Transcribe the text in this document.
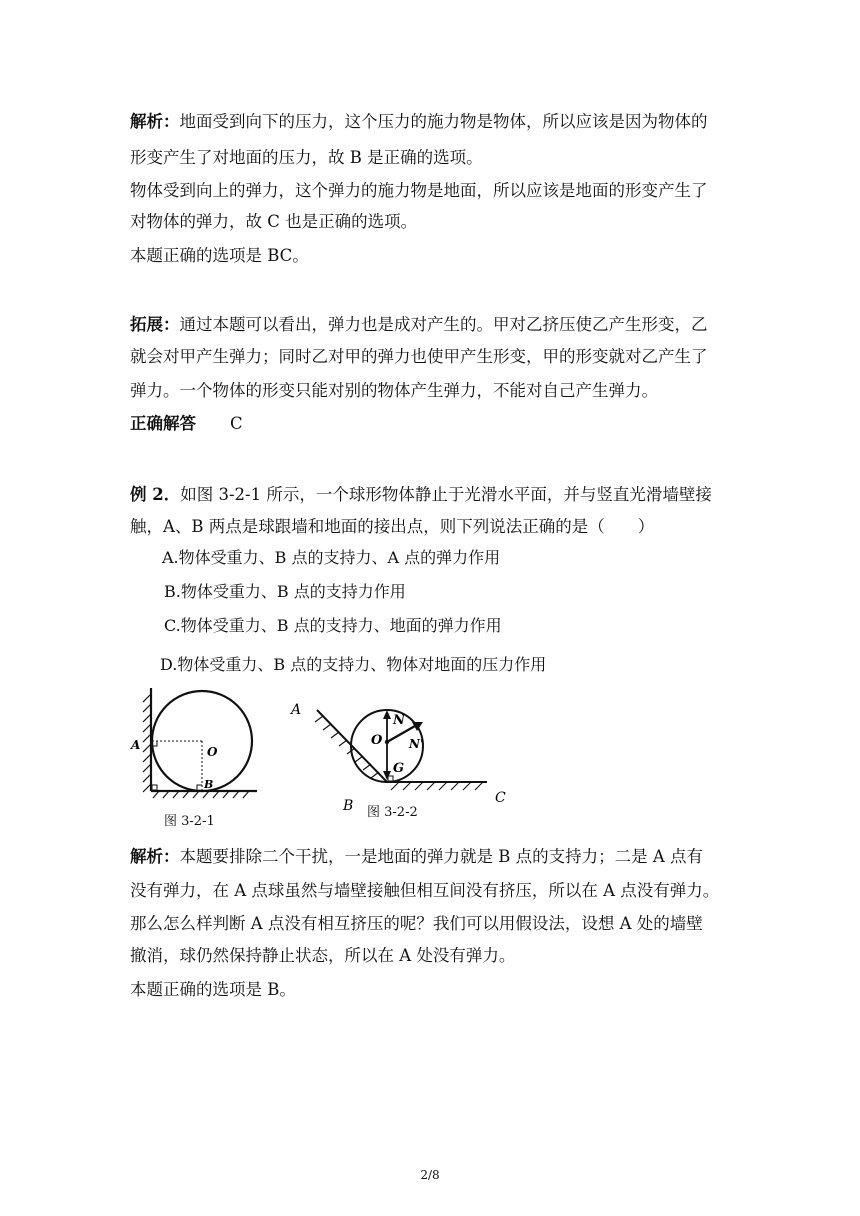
解析：地面受到向下的压力，这个压力的施力物是物体，所以应该是因为物体的
形变产生了对地面的压力，故 B 是正确的选项。
物体受到向上的弹力，这个弹力的施力物是地面，所以应该是地面的形变产生了
对物体的弹力，故 C 也是正确的选项。
本题正确的选项是 BC。
拓展：通过本题可以看出，弹力也是成对产生的。甲对乙挤压使乙产生形变，乙
就会对甲产生弹力；同时乙对甲的弹力也使甲产生形变，甲的形变就对乙产生了
弹力。一个物体的形变只能对别的物体产生弹力，不能对自己产生弹力。
正确解答 C
例 2．如图 3-2-1 所示，一个球形物体静止于光滑水平面，并与竖直光滑墙壁接
触，A、B 两点是球跟墙和地面的接出点，则下列说法正确的是（　　）
A.物体受重力、B 点的支持力、A 点的弹力作用
B.物体受重力、B 点的支持力作用
C.物体受重力、B 点的支持力、地面的弹力作用
D.物体受重力、B 点的支持力、物体对地面的压力作用
A	O
B
图 3-2-1
A
B	C
O
N
N'
G
图 3-2-2
解析：本题要排除二个干扰，一是地面的弹力就是 B 点的支持力；二是 A 点有
没有弹力，在 A 点球虽然与墙壁接触但相互间没有挤压，所以在 A 点没有弹力。
那么怎么样判断 A 点没有相互挤压的呢？我们可以用假设法，设想 A 处的墙壁
撤消，球仍然保持静止状态，所以在 A 处没有弹力。
本题正确的选项是 B。
2/8
